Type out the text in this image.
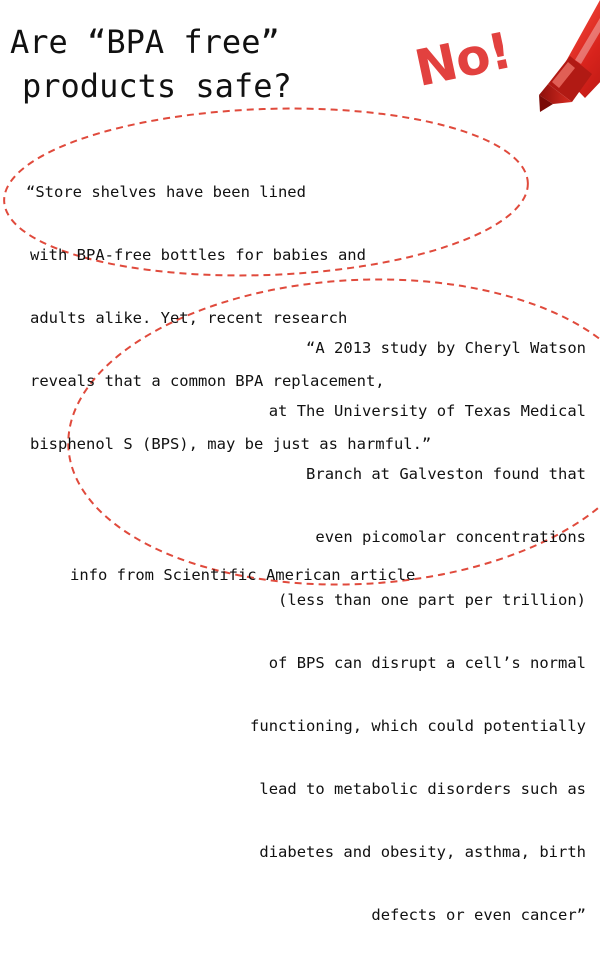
No!
Are “BPA free”
products safe?

“Store shelves have been lined

with BPA-free bottles for babies and

adults alike. Yet, recent research

reveals that a common BPA replacement,

bisphenol S (BPS), may be just as harmful.”

“A 2013 study by Cheryl Watson

at The University of Texas Medical

Branch at Galveston found that

even picomolar concentrations

(less than one part per trillion)

of BPS can disrupt a cell’s normal

functioning, which could potentially

lead to metabolic disorders such as

diabetes and obesity, asthma, birth

defects or even cancer”

info from Scientific American article
